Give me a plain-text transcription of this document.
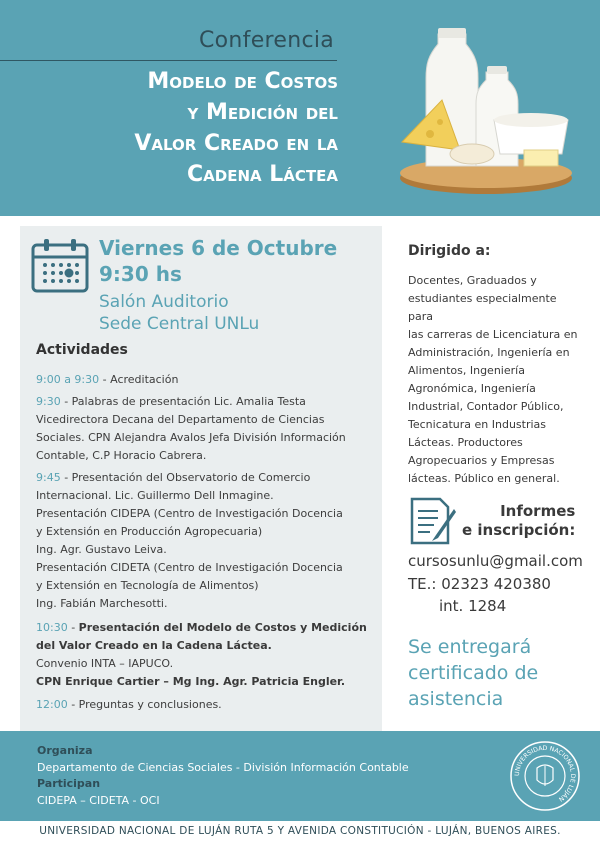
Conferencia
Modelo de Costos
y Medición del
Valor Creado en la
Cadena Láctea
Viernes 6 de Octubre
9:30 hs
Salón Auditorio
Sede Central UNLu
Actividades
9:00 a 9:30 - Acreditación
9:30 - Palabras de presentación Lic. Amalia Testa
Vicedirectora Decana del Departamento de Ciencias
Sociales. CPN Alejandra Avalos Jefa División Información
Contable, C.P Horacio Cabrera.
9:45 - Presentación del Observatorio de Comercio
Internacional. Lic. Guillermo Dell Inmagine.
Presentación CIDEPA (Centro de Investigación Docencia
y Extensión en Producción Agropecuaria)
Ing. Agr. Gustavo Leiva.
Presentación CIDETA (Centro de Investigación Docencia
y Extensión en Tecnología de Alimentos)
Ing. Fabián Marchesotti.
10:30 - Presentación del Modelo de Costos y Medición
del Valor Creado en la Cadena Láctea.
Convenio INTA – IAPUCO.
CPN Enrique Cartier – Mg Ing. Agr. Patricia Engler.
12:00 - Preguntas y conclusiones.
Dirigido a:
Docentes, Graduados y
estudiantes especialmente para
las carreras de Licenciatura en
Administración, Ingeniería en
Alimentos, Ingeniería
Agronómica, Ingeniería
Industrial, Contador Público,
Tecnicatura en Industrias
Lácteas. Productores
Agropecuarios y Empresas
lácteas. Público en general.
Informes
e inscripción:
cursosunlu@gmail.com
TE.: 02323 420380
int. 1284
Se entregará
certificado de
asistencia
Organiza
Departamento de Ciencias Sociales - División Información Contable
Participan
CIDEPA – CIDETA - OCI
UNIVERSIDAD NACIONAL DE LUJÁN
UNIVERSIDAD NACIONAL DE LUJÁN RUTA 5 Y AVENIDA CONSTITUCIÓN - LUJÁN, BUENOS AIRES.
